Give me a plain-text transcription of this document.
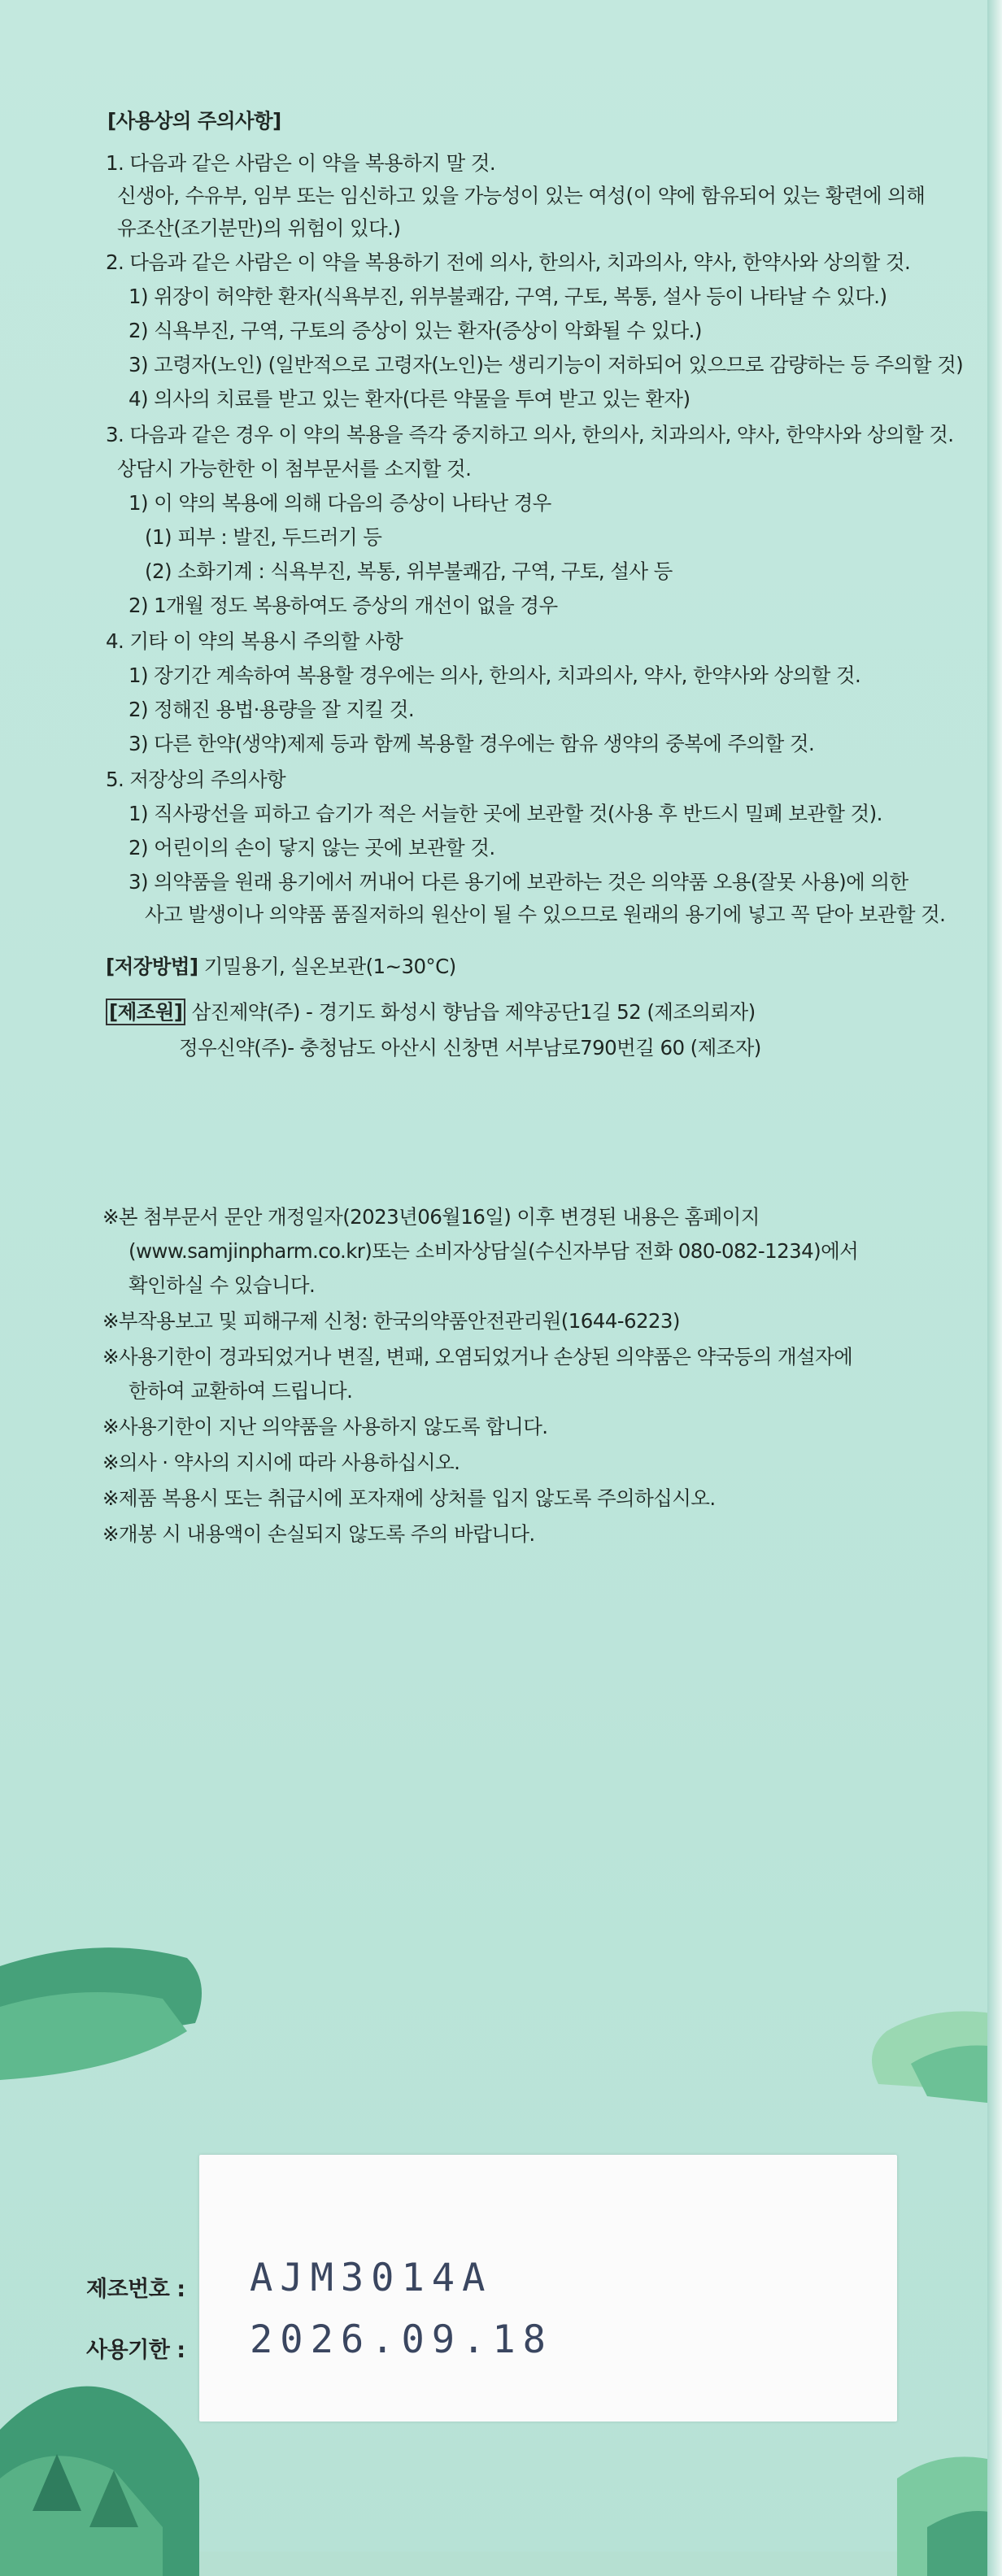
[사용상의 주의사항]
1. 다음과 같은 사람은 이 약을 복용하지 말 것.
신생아, 수유부, 임부 또는 임신하고 있을 가능성이 있는 여성(이 약에 함유되어 있는 황련에 의해
유조산(조기분만)의 위험이 있다.)
2. 다음과 같은 사람은 이 약을 복용하기 전에 의사, 한의사, 치과의사, 약사, 한약사와 상의할 것.
1) 위장이 허약한 환자(식욕부진, 위부불쾌감, 구역, 구토, 복통, 설사 등이 나타날 수 있다.)
2) 식욕부진, 구역, 구토의 증상이 있는 환자(증상이 악화될 수 있다.)
3) 고령자(노인) (일반적으로 고령자(노인)는 생리기능이 저하되어 있으므로 감량하는 등 주의할 것)
4) 의사의 치료를 받고 있는 환자(다른 약물을 투여 받고 있는 환자)
3. 다음과 같은 경우 이 약의 복용을 즉각 중지하고 의사, 한의사, 치과의사, 약사, 한약사와 상의할 것.
상담시 가능한한 이 첨부문서를 소지할 것.
1) 이 약의 복용에 의해 다음의 증상이 나타난 경우
(1) 피부 : 발진, 두드러기 등
(2) 소화기계 : 식욕부진, 복통, 위부불쾌감, 구역, 구토, 설사 등
2) 1개월 정도 복용하여도 증상의 개선이 없을 경우
4. 기타 이 약의 복용시 주의할 사항
1) 장기간 계속하여 복용할 경우에는 의사, 한의사, 치과의사, 약사, 한약사와 상의할 것.
2) 정해진 용법·용량을 잘 지킬 것.
3) 다른 한약(생약)제제 등과 함께 복용할 경우에는 함유 생약의 중복에 주의할 것.
5. 저장상의 주의사항
1) 직사광선을 피하고 습기가 적은 서늘한 곳에 보관할 것(사용 후 반드시 밀폐 보관할 것).
2) 어린이의 손이 닿지 않는 곳에 보관할 것.
3) 의약품을 원래 용기에서 꺼내어 다른 용기에 보관하는 것은 의약품 오용(잘못 사용)에 의한
사고 발생이나 의약품 품질저하의 원산이 될 수 있으므로 원래의 용기에 넣고 꼭 닫아 보관할 것.
[저장방법] 기밀용기, 실온보관(1~30°C)
[제조원] 삼진제약(주) - 경기도 화성시 향남읍 제약공단1길 52 (제조의뢰자)
정우신약(주)- 충청남도 아산시 신창면 서부남로790번길 60 (제조자)
※본 첨부문서 문안 개정일자(2023년06월16일) 이후 변경된 내용은 홈페이지
(www.samjinpharm.co.kr)또는 소비자상담실(수신자부담 전화 080-082-1234)에서
확인하실 수 있습니다.
※부작용보고 및 피해구제 신청: 한국의약품안전관리원(1644-6223)
※사용기한이 경과되었거나 변질, 변패, 오염되었거나 손상된 의약품은 약국등의 개설자에
한하여 교환하여 드립니다.
※사용기한이 지난 의약품을 사용하지 않도록 합니다.
※의사 · 약사의 지시에 따라 사용하십시오.
※제품 복용시 또는 취급시에 포자재에 상처를 입지 않도록 주의하십시오.
※개봉 시 내용액이 손실되지 않도록 주의 바랍니다.
제조번호 :
사용기한 :
AJM3014A
2026.09.18
